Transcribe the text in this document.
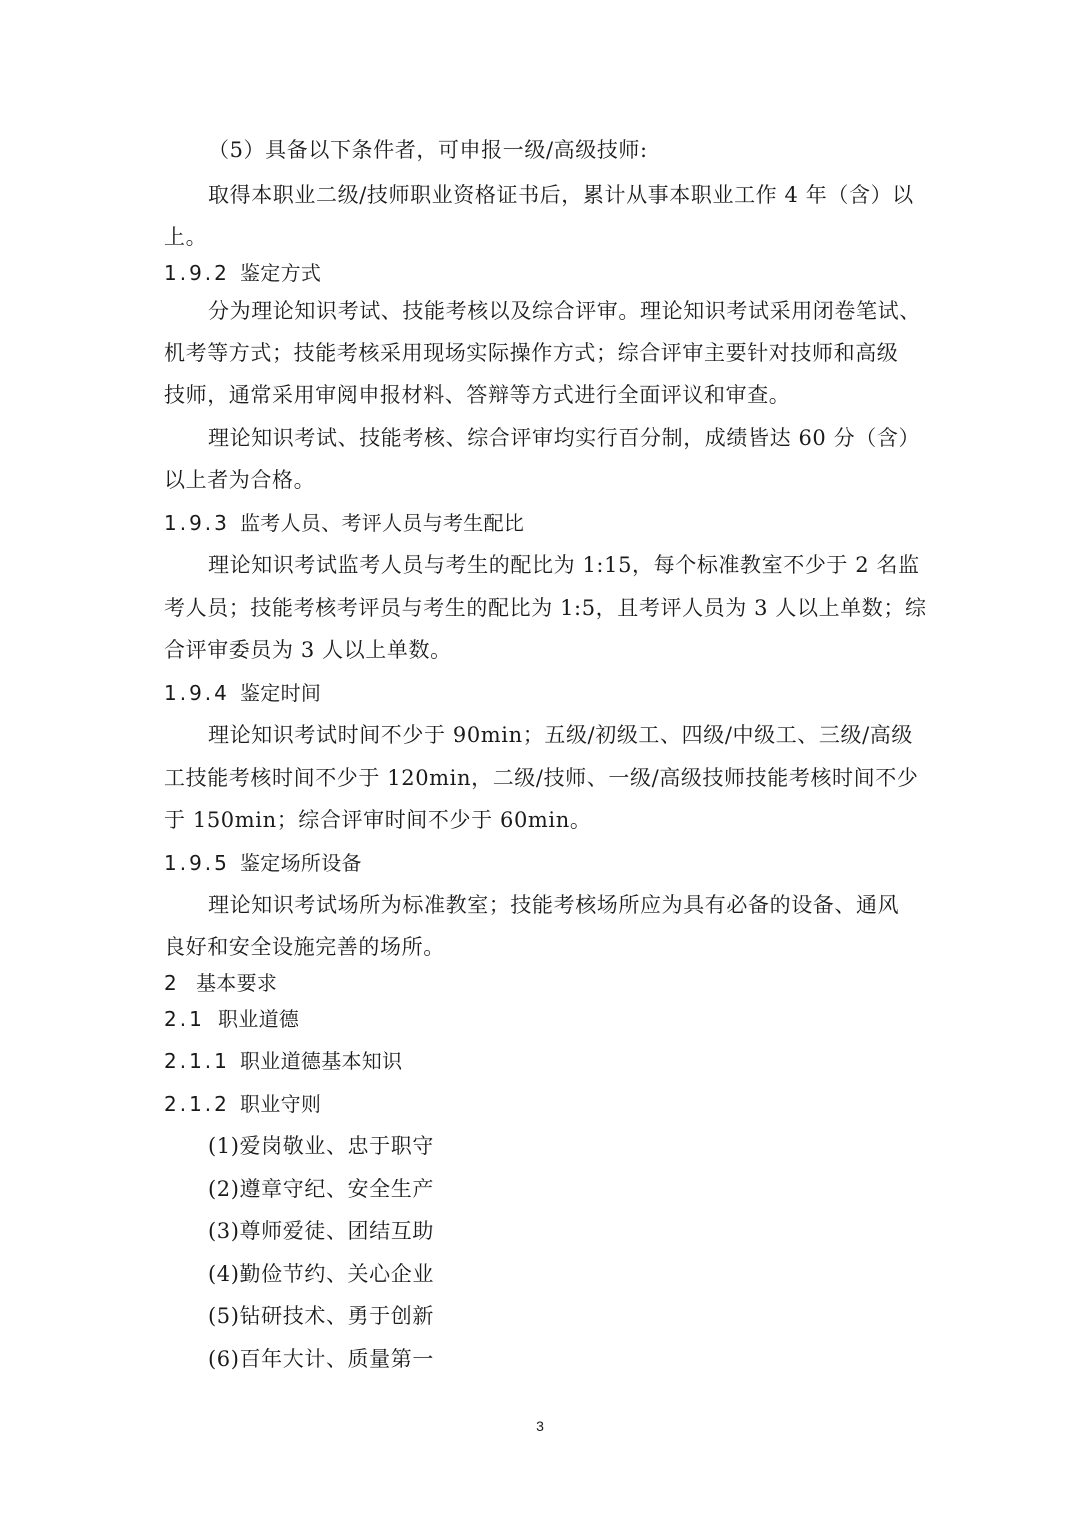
（5）具备以下条件者，可申报一级/高级技师:
取得本职业二级/技师职业资格证书后，累计从事本职业工作 4 年（含）以
上。
1.9.2 鉴定方式
分为理论知识考试、技能考核以及综合评审。理论知识考试采用闭卷笔试、
机考等方式；技能考核采用现场实际操作方式；综合评审主要针对技师和高级
技师，通常采用审阅申报材料、答辩等方式进行全面评议和审查。
理论知识考试、技能考核、综合评审均实行百分制，成绩皆达 60 分（含）
以上者为合格。
1.9.3 监考人员、考评人员与考生配比
理论知识考试监考人员与考生的配比为 1:15，每个标准教室不少于 2 名监
考人员；技能考核考评员与考生的配比为 1:5，且考评人员为 3 人以上单数；综
合评审委员为 3 人以上单数。
1.9.4 鉴定时间
理论知识考试时间不少于 90min；五级/初级工、四级/中级工、三级/高级
工技能考核时间不少于 120min，二级/技师、一级/高级技师技能考核时间不少
于 150min；综合评审时间不少于 60min。
1.9.5 鉴定场所设备
理论知识考试场所为标准教室；技能考核场所应为具有必备的设备、通风
良好和安全设施完善的场所。
2 基本要求
2.1 职业道德
2.1.1 职业道德基本知识
2.1.2 职业守则
(1)爱岗敬业、忠于职守
(2)遵章守纪、安全生产
(3)尊师爱徒、团结互助
(4)勤俭节约、关心企业
(5)钻研技术、勇于创新
(6)百年大计、质量第一
3
